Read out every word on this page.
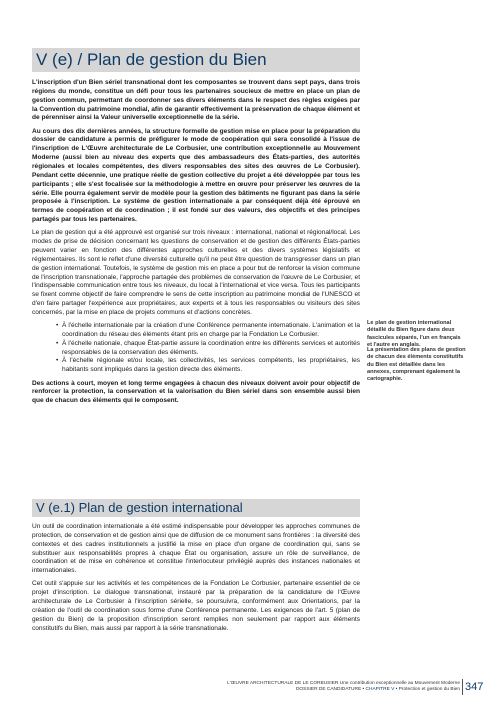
V (e) / Plan de gestion du Bien

L'inscription d'un Bien sériel transnational dont les composantes se trouvent dans sept pays, dans trois régions du monde, constitue un défi pour tous les partenaires soucieux de mettre en place un plan de gestion commun, permettant de coordonner ses divers éléments dans le respect des règles exigées par la Convention du patrimoine mondial, afin de garantir effectivement la préservation de chaque élément et de pérenniser ainsi la Valeur universelle exceptionnelle de la série.

Au cours des dix dernières années, la structure formelle de gestion mise en place pour la préparation du dossier de candidature a permis de préfigurer le mode de coopération qui sera consolidé à l'issue de l'inscription de L'Œuvre architecturale de Le Corbusier, une contribution exceptionnelle au Mouvement Moderne (aussi bien au niveau des experts que des ambassadeurs des États-parties, des autorités régionales et locales compétentes, des divers responsables des sites des œuvres de Le Corbusier). Pendant cette décennie, une pratique réelle de gestion collective du projet a été développée par tous les participants ; elle s'est focalisée sur la méthodologie à mettre en œuvre pour préserver les œuvres de la série. Elle pourra également servir de modèle pour la gestion des bâtiments ne figurant pas dans la série proposée à l'inscription. Le système de gestion internationale a par conséquent déjà été éprouvé en termes de coopération et de coordination ; il est fondé sur des valeurs, des objectifs et des principes partagés par tous les partenaires.

Le plan de gestion qui a été approuvé est organisé sur trois niveaux : international, national et régional/local. Les modes de prise de décision concernant les questions de conservation et de gestion des différents États-parties peuvent varier en fonction des différentes approches culturelles et des divers systèmes législatifs et réglementaires. Ils sont le reflet d'une diversité culturelle qu'il ne peut être question de transgresser dans un plan de gestion international. Toutefois, le système de gestion mis en place a pour but de renforcer la vision commune de l'inscription transnationale, l'approche partagée des problèmes de conservation de l'œuvre de Le Corbusier, et l'indispensable communication entre tous les niveaux, du local à l'international et vice versa. Tous les participants se fixent comme objectif de faire comprendre le sens de cette inscription au patrimoine mondial de l'UNESCO et d'en faire partager l'expérience aux propriétaires, aux experts et à tous les responsables ou visiteurs des sites concernés, par la mise en place de projets communs et d'actions concrètes.

• À l'échelle internationale par la création d'une Conférence permanente internationale. L'animation et la coordination du réseau des éléments étant pris en charge par la Fondation Le Corbusier.
• À l'échelle nationale, chaque État-partie assure la coordination entre les différents services et autorités responsables de la conservation des éléments.
• À l'échelle régionale et/ou locale, les collectivités, les services compétents, les propriétaires, les habitants sont impliqués dans la gestion directe des éléments.

Des actions à court, moyen et long terme engagées à chacun des niveaux doivent avoir pour objectif de renforcer la protection, la conservation et la valorisation du Bien sériel dans son ensemble aussi bien que de chacun des éléments qui le composent.

Le plan de gestion international détaillé du Bien figure dans deux fascicules séparés, l'un en français et l'autre en anglais.
La présentation des plans de gestion de chacun des éléments constitutifs du Bien est détaillée dans les annexes, comprenant également la cartographie.
V (e.1) Plan de gestion international

Un outil de coordination internationale a été estimé indispensable pour développer les approches communes de protection, de conservation et de gestion ainsi que de diffusion de ce monument sans frontières : la diversité des contextes et des cadres institutionnels a justifié la mise en place d'un organe de coordination qui, sans se substituer aux responsabilités propres à chaque État ou organisation, assure un rôle de surveillance, de coordination et de mise en cohérence et constitue l'interlocuteur privilégié auprès des instances nationales et internationales.

Cet outil s'appuie sur les activités et les compétences de la Fondation Le Corbusier, partenaire essentiel de ce projet d'inscription. Le dialogue transnational, instauré par la préparation de la candidature de l'Œuvre architecturale de Le Corbusier à l'inscription sérielle, se poursuivra, conformément aux Orientations, par la création de l'outil de coordination sous forme d'une Conférence permanente. Les exigences de l'art. 5 (plan de gestion du Bien) de la proposition d'inscription seront remplies non seulement par rapport aux éléments constitutifs du Bien, mais aussi par rapport à la série transnationale.

L'ŒUVRE ARCHITECTURALE DE LE CORBUSIER Une contribution exceptionnelle au Mouvement Moderne
DOSSIER DE CANDIDATURE • CHAPITRE V • Protection et gestion du Bien 347
